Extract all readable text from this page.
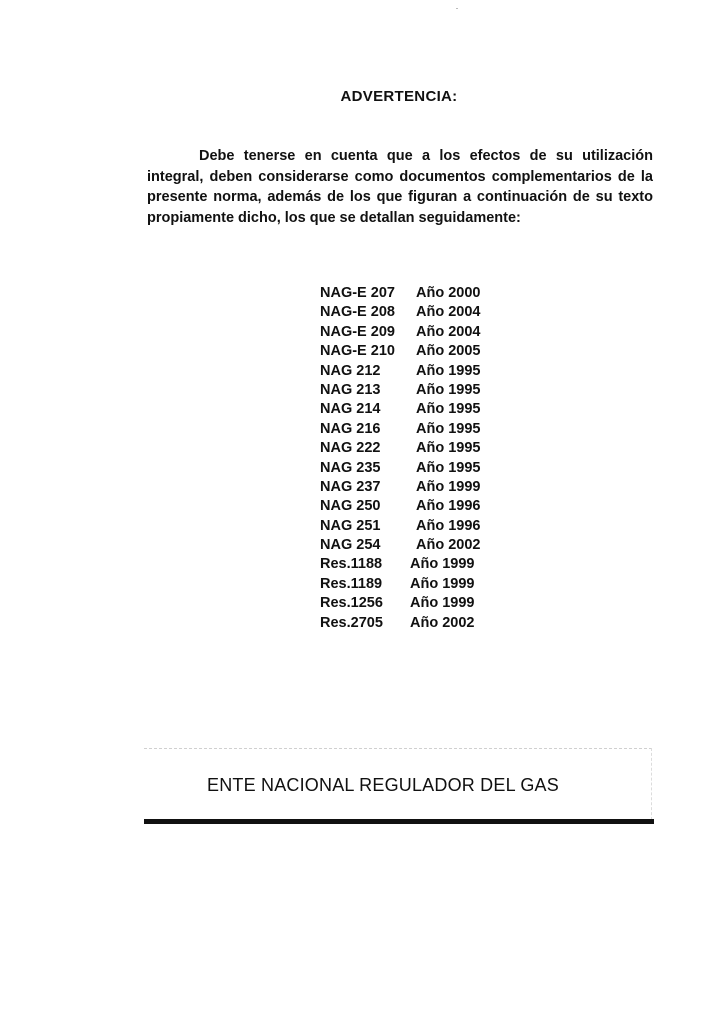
ADVERTENCIA:

Debe tenerse en cuenta que a los efectos de su utilización integral, deben considerarse como documentos complementarios de la presente norma, además de los que figuran a continuación de su texto propiamente dicho, los que se detallan seguidamente:

NAG-E 207	Año 2000
NAG-E 208	Año 2004
NAG-E 209	Año 2004
NAG-E 210	Año 2005
NAG 212	Año 1995
NAG 213	Año 1995
NAG 214	Año 1995
NAG 216	Año 1995
NAG 222	Año 1995
NAG 235	Año 1995
NAG 237	Año 1999
NAG 250	Año 1996
NAG 251	Año 1996
NAG 254	Año 2002
Res.1188	Año 1999
Res.1189	Año 1999
Res.1256	Año 1999
Res.2705	Año 2002
ENTE NACIONAL REGULADOR DEL GAS
